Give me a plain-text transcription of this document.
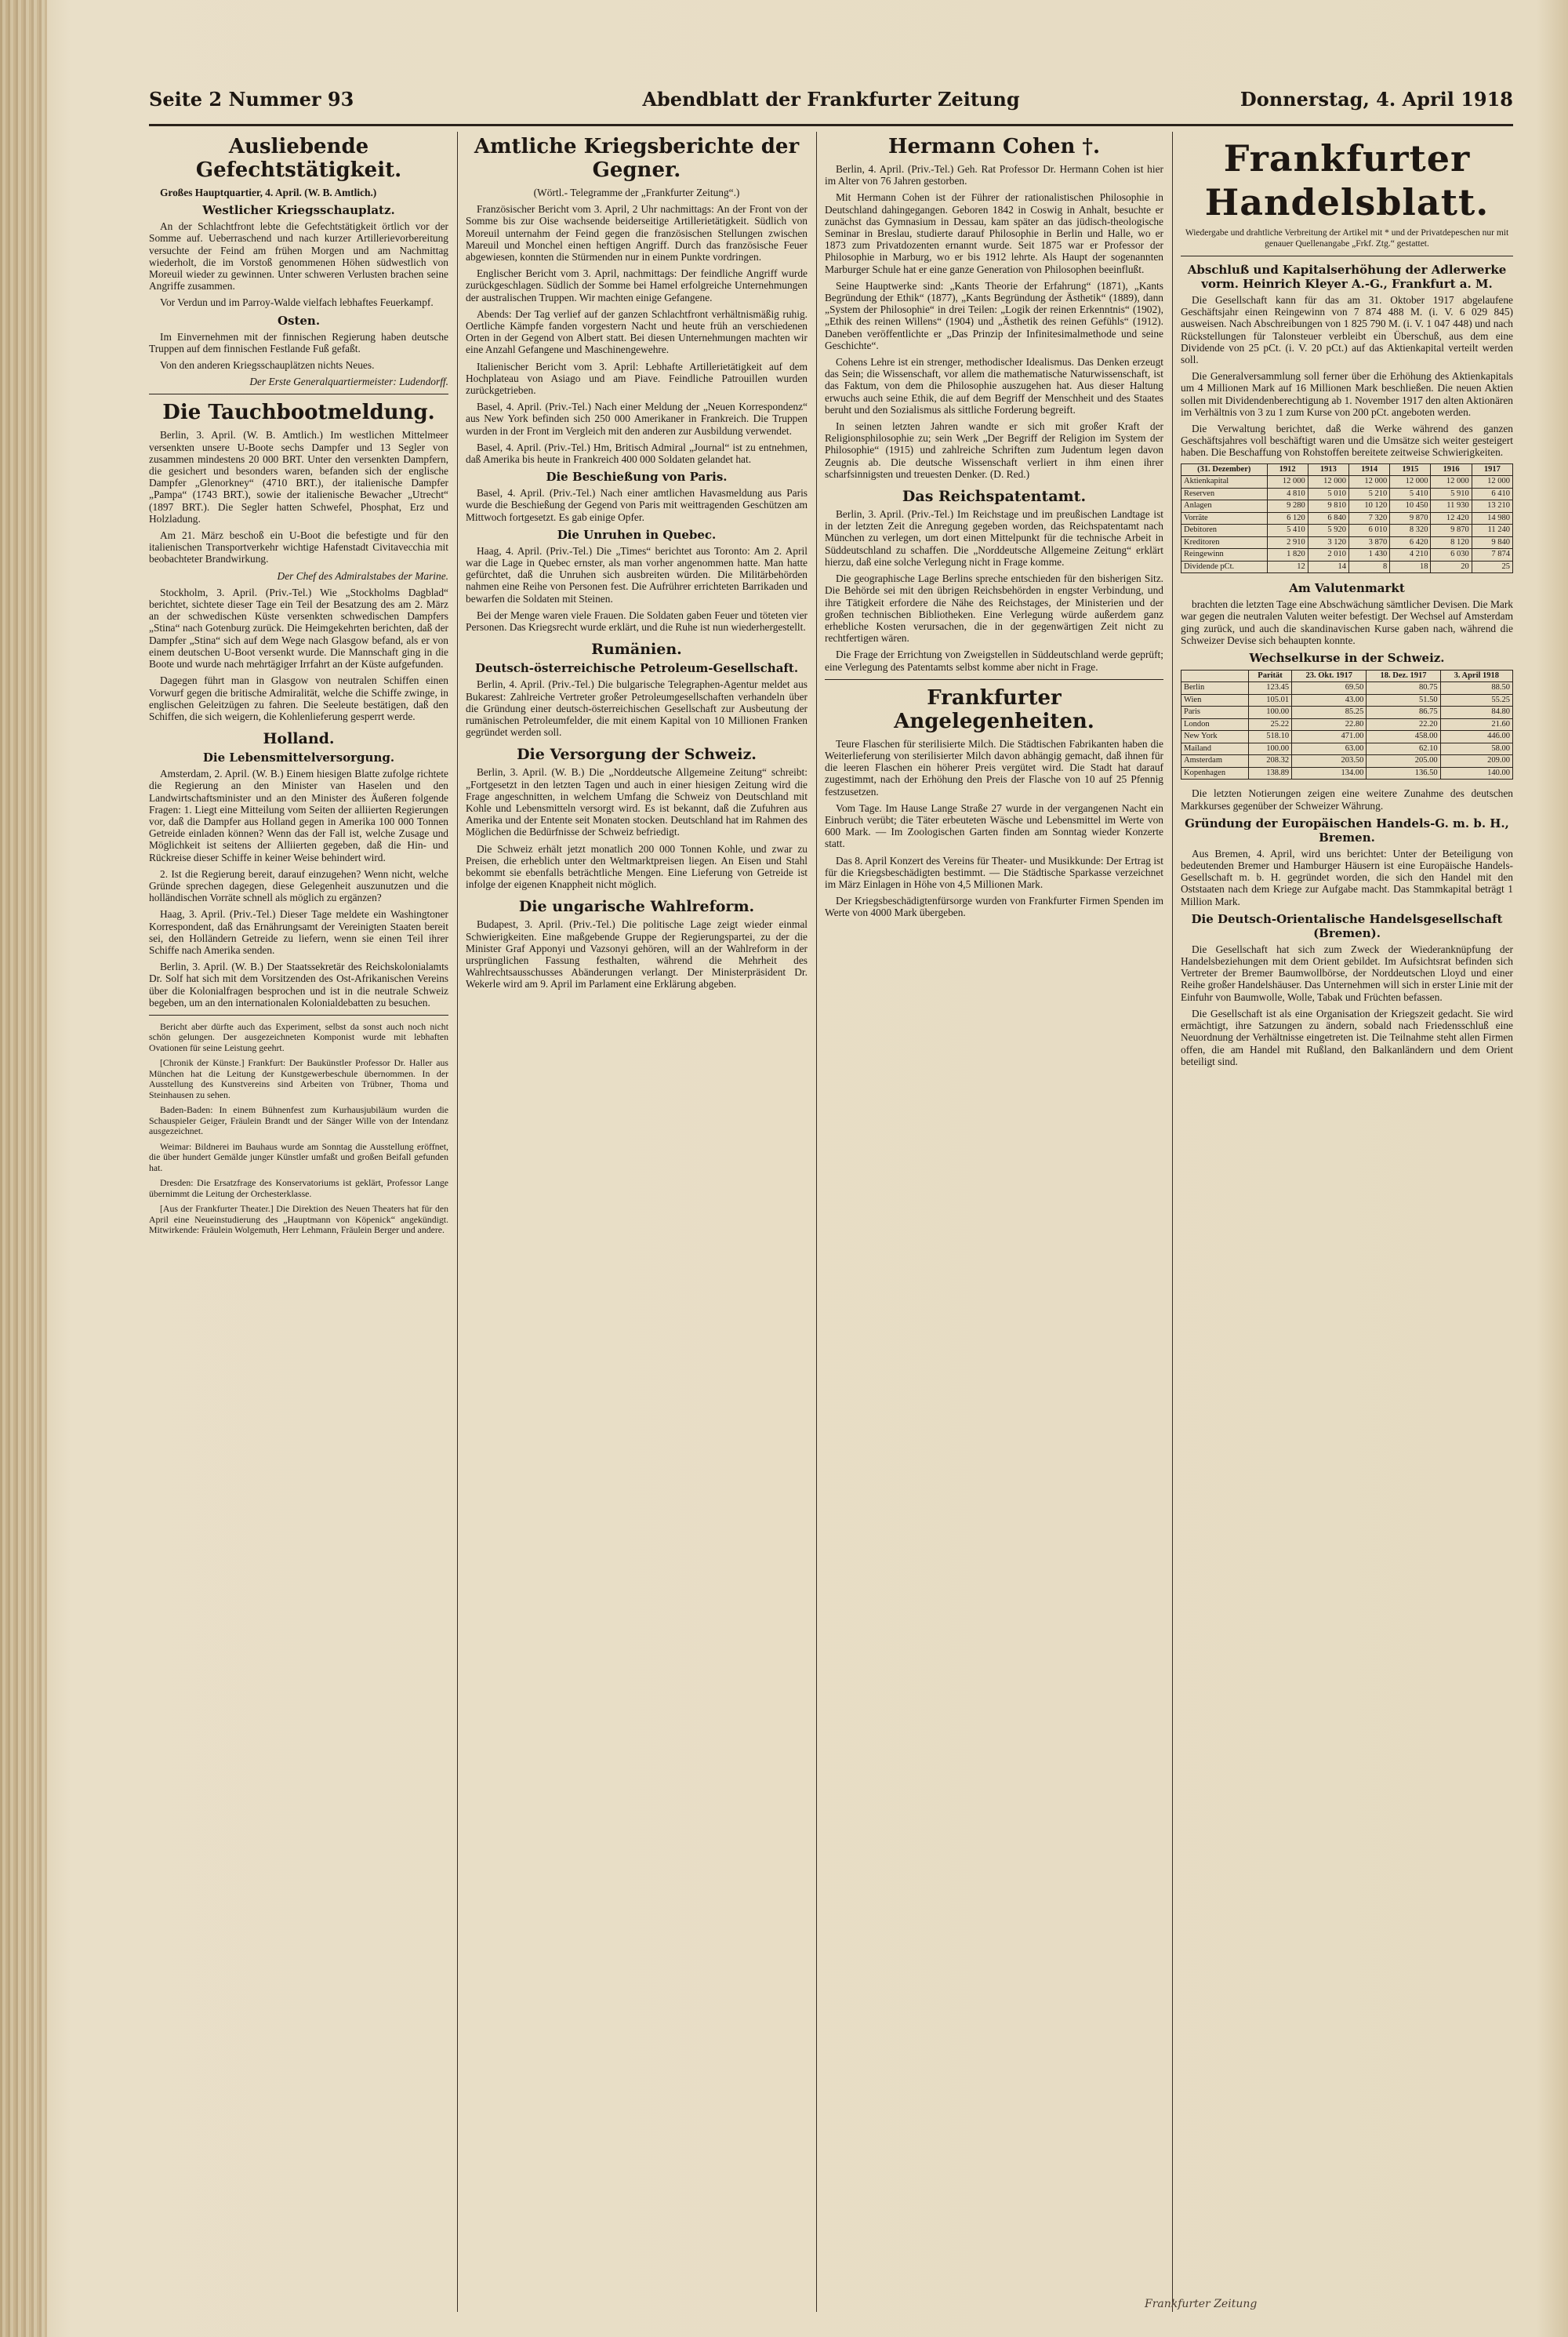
Seite 2 Nummer 93	Abendblatt der Frankfurter Zeitung	Donnerstag, 4. April 1918
Ausliebende Gefechtstätigkeit.

Großes Hauptquartier, 4. April. (W. B. Amtlich.)

Westlicher Kriegsschauplatz.

An der Schlachtfront lebte die Gefechtstätigkeit örtlich vor der Somme auf. Ueberraschend und nach kurzer Artillerievorbereitung versuchte der Feind am frühen Morgen und am Nachmittag wiederholt, die im Vorstoß genommenen Höhen südwestlich von Moreuil wieder zu gewinnen. Unter schweren Verlusten brachen seine Angriffe zusammen.

Vor Verdun und im Parroy-Walde vielfach lebhaftes Feuerkampf.

Osten.

Im Einvernehmen mit der finnischen Regierung haben deutsche Truppen auf dem finnischen Festlande Fuß gefaßt.

Von den anderen Kriegsschauplätzen nichts Neues.

Der Erste Generalquartiermeister: Ludendorff.

Die Tauchbootmeldung.

Berlin, 3. April. (W. B. Amtlich.) Im westlichen Mittelmeer versenkten unsere U-Boote sechs Dampfer und 13 Segler von zusammen mindestens 20 000 BRT. Unter den versenkten Dampfern, die gesichert und besonders waren, befanden sich der englische Dampfer „Glenorkney“ (4710 BRT.), der italienische Dampfer „Pampa“ (1743 BRT.), sowie der italienische Bewacher „Utrecht“ (1897 BRT.). Die Segler hatten Schwefel, Phosphat, Erz und Holzladung.

Am 21. März beschoß ein U-Boot die befestigte und für den italienischen Transportverkehr wichtige Hafenstadt Civitavecchia mit beobachteter Brandwirkung.

Der Chef des Admiralstabes der Marine.

Stockholm, 3. April. (Priv.-Tel.) Wie „Stockholms Dagblad“ berichtet, sichtete dieser Tage ein Teil der Besatzung des am 2. März an der schwedischen Küste versenkten schwedischen Dampfers „Stina“ nach Gotenburg zurück. Die Heimgekehrten berichten, daß der Dampfer „Stina“ sich auf dem Wege nach Glasgow befand, als er von einem deutschen U-Boot versenkt wurde. Die Mannschaft ging in die Boote und wurde nach mehrtägiger Irrfahrt an der Küste aufgefunden.

Dagegen führt man in Glasgow von neutralen Schiffen einen Vorwurf gegen die britische Admiralität, welche die Schiffe zwinge, in englischen Geleitzügen zu fahren. Die Seeleute bestätigen, daß den Schiffen, die sich weigern, die Kohlenlieferung gesperrt werde.

Holland.
Die Lebensmittelversorgung.

Amsterdam, 2. April. (W. B.) Einem hiesigen Blatte zufolge richtete die Regierung an den Minister van Haselen und den Landwirtschaftsminister und an den Minister des Äußeren folgende Fragen: 1. Liegt eine Mitteilung vom Seiten der alliierten Regierungen vor, daß die Dampfer aus Holland gegen in Amerika 100 000 Tonnen Getreide einladen können? Wenn das der Fall ist, welche Zusage und Möglichkeit ist seitens der Alliierten gegeben, daß die Hin- und Rückreise dieser Schiffe in keiner Weise behindert wird.

2. Ist die Regierung bereit, darauf einzugehen? Wenn nicht, welche Gründe sprechen dagegen, diese Gelegenheit auszunutzen und die holländischen Vorräte schnell als möglich zu ergänzen?

Haag, 3. April. (Priv.-Tel.) Dieser Tage meldete ein Washingtoner Korrespondent, daß das Ernährungsamt der Vereinigten Staaten bereit sei, den Holländern Getreide zu liefern, wenn sie einen Teil ihrer Schiffe nach Amerika senden.

Berlin, 3. April. (W. B.) Der Staatssekretär des Reichskolonialamts Dr. Solf hat sich mit dem Vorsitzenden des Ost-Afrikanischen Vereins über die Kolonialfragen besprochen und ist in die neutrale Schweiz begeben, um an den internationalen Kolonialdebatten zu besuchen.

Bericht aber dürfte auch das Experiment, selbst da sonst auch noch nicht schön gelungen. Der ausgezeichneten Komponist wurde mit lebhaften Ovationen für seine Leistung geehrt.

[Chronik der Künste.] Frankfurt: Der Baukünstler Professor Dr. Haller aus München hat die Leitung der Kunstgewerbeschule übernommen. In der Ausstellung des Kunstvereins sind Arbeiten von Trübner, Thoma und Steinhausen zu sehen.

Baden-Baden: In einem Bühnenfest zum Kurhausjubiläum wurden die Schauspieler Geiger, Fräulein Brandt und der Sänger Wille von der Intendanz ausgezeichnet.

Weimar: Bildnerei im Bauhaus wurde am Sonntag die Ausstellung eröffnet, die über hundert Gemälde junger Künstler umfaßt und großen Beifall gefunden hat.

Dresden: Die Ersatzfrage des Konservatoriums ist geklärt, Professor Lange übernimmt die Leitung der Orchesterklasse.

[Aus der Frankfurter Theater.] Die Direktion des Neuen Theaters hat für den April eine Neueinstudierung des „Hauptmann von Köpenick“ angekündigt. Mitwirkende: Fräulein Wolgemuth, Herr Lehmann, Fräulein Berger und andere.

Amtliche Kriegsberichte der Gegner.

(Wörtl.- Telegramme der „Frankfurter Zeitung“.)

Französischer Bericht vom 3. April, 2 Uhr nachmittags: An der Front von der Somme bis zur Oise wachsende beiderseitige Artillerietätigkeit. Südlich von Moreuil unternahm der Feind gegen die französischen Stellungen zwischen Mareuil und Monchel einen heftigen Angriff. Durch das französische Feuer abgewiesen, konnten die Stürmenden nur in einem Punkte vordringen.

Englischer Bericht vom 3. April, nachmittags: Der feindliche Angriff wurde zurückgeschlagen. Südlich der Somme bei Hamel erfolgreiche Unternehmungen der australischen Truppen. Wir machten einige Gefangene.

Abends: Der Tag verlief auf der ganzen Schlachtfront verhältnismäßig ruhig. Oertliche Kämpfe fanden vorgestern Nacht und heute früh an verschiedenen Orten in der Gegend von Albert statt. Bei diesen Unternehmungen machten wir eine Anzahl Gefangene und Maschinengewehre.

Italienischer Bericht vom 3. April: Lebhafte Artillerietätigkeit auf dem Hochplateau von Asiago und am Piave. Feindliche Patrouillen wurden zurückgetrieben.

Basel, 4. April. (Priv.-Tel.) Nach einer Meldung der „Neuen Korrespondenz“ aus New York befinden sich 250 000 Amerikaner in Frankreich. Die Truppen wurden in der Front im Vergleich mit den anderen zur Ausbildung verwendet.

Basel, 4. April. (Priv.-Tel.) Hm, Britisch Admiral „Journal“ ist zu entnehmen, daß Amerika bis heute in Frankreich 400 000 Soldaten gelandet hat.

Die Beschießung von Paris.

Basel, 4. April. (Priv.-Tel.) Nach einer amtlichen Havasmeldung aus Paris wurde die Beschießung der Gegend von Paris mit weittragenden Geschützen am Mittwoch fortgesetzt. Es gab einige Opfer.

Die Unruhen in Quebec.

Haag, 4. April. (Priv.-Tel.) Die „Times“ berichtet aus Toronto: Am 2. April war die Lage in Quebec ernster, als man vorher angenommen hatte. Man hatte gefürchtet, daß die Unruhen sich ausbreiten würden. Die Militärbehörden nahmen eine Reihe von Personen fest. Die Aufrührer errichteten Barrikaden und bewarfen die Soldaten mit Steinen.

Bei der Menge waren viele Frauen. Die Soldaten gaben Feuer und töteten vier Personen. Das Kriegsrecht wurde erklärt, und die Ruhe ist nun wiederhergestellt.

Rumänien.
Deutsch-österreichische Petroleum-Gesellschaft.

Berlin, 4. April. (Priv.-Tel.) Die bulgarische Telegraphen-Agentur meldet aus Bukarest: Zahlreiche Vertreter großer Petroleumgesellschaften verhandeln über die Gründung einer deutsch-österreichischen Gesellschaft zur Ausbeutung der rumänischen Petroleumfelder, die mit einem Kapital von 10 Millionen Franken gegründet werden soll.

Die Versorgung der Schweiz.

Berlin, 3. April. (W. B.) Die „Norddeutsche Allgemeine Zeitung“ schreibt: „Fortgesetzt in den letzten Tagen und auch in einer hiesigen Zeitung wird die Frage angeschnitten, in welchem Umfang die Schweiz von Deutschland mit Kohle und Lebensmitteln versorgt wird. Es ist bekannt, daß die Zufuhren aus Amerika und der Entente seit Monaten stocken. Deutschland hat im Rahmen des Möglichen die Bedürfnisse der Schweiz befriedigt.

Die Schweiz erhält jetzt monatlich 200 000 Tonnen Kohle, und zwar zu Preisen, die erheblich unter den Weltmarktpreisen liegen. An Eisen und Stahl bekommt sie ebenfalls beträchtliche Mengen. Eine Lieferung von Getreide ist infolge der eigenen Knappheit nicht möglich.

Die ungarische Wahlreform.

Budapest, 3. April. (Priv.-Tel.) Die politische Lage zeigt wieder einmal Schwierigkeiten. Eine maßgebende Gruppe der Regierungspartei, zu der die Minister Graf Apponyi und Vazsonyi gehören, will an der Wahlreform in der ursprünglichen Fassung festhalten, während die Mehrheit des Wahlrechtsausschusses Abänderungen verlangt. Der Ministerpräsident Dr. Wekerle wird am 9. April im Parlament eine Erklärung abgeben.

Hermann Cohen †.

Berlin, 4. April. (Priv.-Tel.) Geh. Rat Professor Dr. Hermann Cohen ist hier im Alter von 76 Jahren gestorben.

Mit Hermann Cohen ist der Führer der rationalistischen Philosophie in Deutschland dahingegangen. Geboren 1842 in Coswig in Anhalt, besuchte er zunächst das Gymnasium in Dessau, kam später an das jüdisch-theologische Seminar in Breslau, studierte darauf Philosophie in Berlin und Halle, wo er 1873 zum Privatdozenten ernannt wurde. Seit 1875 war er Professor der Philosophie in Marburg, wo er bis 1912 lehrte. Als Haupt der sogenannten Marburger Schule hat er eine ganze Generation von Philosophen beeinflußt.

Seine Hauptwerke sind: „Kants Theorie der Erfahrung“ (1871), „Kants Begründung der Ethik“ (1877), „Kants Begründung der Ästhetik“ (1889), dann „System der Philosophie“ in drei Teilen: „Logik der reinen Erkenntnis“ (1902), „Ethik des reinen Willens“ (1904) und „Ästhetik des reinen Gefühls“ (1912). Daneben veröffentlichte er „Das Prinzip der Infinitesimalmethode und seine Geschichte“.

Cohens Lehre ist ein strenger, methodischer Idealismus. Das Denken erzeugt das Sein; die Wissenschaft, vor allem die mathematische Naturwissenschaft, ist das Faktum, von dem die Philosophie auszugehen hat. Aus dieser Haltung erwuchs auch seine Ethik, die auf dem Begriff der Menschheit und des Staates beruht und den Sozialismus als sittliche Forderung begreift.

In seinen letzten Jahren wandte er sich mit großer Kraft der Religionsphilosophie zu; sein Werk „Der Begriff der Religion im System der Philosophie“ (1915) und zahlreiche Schriften zum Judentum legen davon Zeugnis ab. Die deutsche Wissenschaft verliert in ihm einen ihrer scharfsinnigsten und treuesten Denker. (D. Red.)

Das Reichspatentamt.

Berlin, 3. April. (Priv.-Tel.) Im Reichstage und im preußischen Landtage ist in der letzten Zeit die Anregung gegeben worden, das Reichspatentamt nach München zu verlegen, um dort einen Mittelpunkt für die technische Arbeit in Süddeutschland zu schaffen. Die „Norddeutsche Allgemeine Zeitung“ erklärt hierzu, daß eine solche Verlegung nicht in Frage komme.

Die geographische Lage Berlins spreche entschieden für den bisherigen Sitz. Die Behörde sei mit den übrigen Reichsbehörden in engster Verbindung, und ihre Tätigkeit erfordere die Nähe des Reichstages, der Ministerien und der großen technischen Bibliotheken. Eine Verlegung würde außerdem ganz erhebliche Kosten verursachen, die in der gegenwärtigen Zeit nicht zu rechtfertigen wären.

Die Frage der Errichtung von Zweigstellen in Süddeutschland werde geprüft; eine Verlegung des Patentamts selbst komme aber nicht in Frage.

Frankfurter Angelegenheiten.

Teure Flaschen für sterilisierte Milch. Die Städtischen Fabrikanten haben die Weiterlieferung von sterilisierter Milch davon abhängig gemacht, daß ihnen für die leeren Flaschen ein höherer Preis vergütet wird. Die Stadt hat darauf zugestimmt, nach der Erhöhung den Preis der Flasche von 10 auf 25 Pfennig festzusetzen.

Vom Tage. Im Hause Lange Straße 27 wurde in der vergangenen Nacht ein Einbruch verübt; die Täter erbeuteten Wäsche und Lebensmittel im Werte von 600 Mark. — Im Zoologischen Garten finden am Sonntag wieder Konzerte statt.

Das 8. April Konzert des Vereins für Theater- und Musikkunde: Der Ertrag ist für die Kriegsbeschädigten bestimmt. — Die Städtische Sparkasse verzeichnet im März Einlagen in Höhe von 4,5 Millionen Mark.

Der Kriegsbeschädigtenfürsorge wurden von Frankfurter Firmen Spenden im Werte von 4000 Mark übergeben.

Frankfurter Handelsblatt.
Wiedergabe und drahtliche Verbreitung der Artikel mit * und der Privatdepeschen nur mit genauer Quellenangabe „Frkf. Ztg.“ gestattet.
Abschluß und Kapitalserhöhung der Adlerwerke vorm. Heinrich Kleyer A.-G., Frankfurt a. M.

Die Gesellschaft kann für das am 31. Oktober 1917 abgelaufene Geschäftsjahr einen Reingewinn von 7 874 488 M. (i. V. 6 029 845) ausweisen. Nach Abschreibungen von 1 825 790 M. (i. V. 1 047 448) und nach Rückstellungen für Talonsteuer verbleibt ein Überschuß, aus dem eine Dividende von 25 pCt. (i. V. 20 pCt.) auf das Aktienkapital verteilt werden soll.

Die Generalversammlung soll ferner über die Erhöhung des Aktienkapitals um 4 Millionen Mark auf 16 Millionen Mark beschließen. Die neuen Aktien sollen mit Dividendenberechtigung ab 1. November 1917 den alten Aktionären im Verhältnis von 3 zu 1 zum Kurse von 200 pCt. angeboten werden.

Die Verwaltung berichtet, daß die Werke während des ganzen Geschäftsjahres voll beschäftigt waren und die Umsätze sich weiter gesteigert haben. Die Beschaffung von Rohstoffen bereitete zeitweise Schwierigkeiten.

(31. Dezember)	1912	1913	1914	1915	1916	1917
Aktienkapital	12 000	12 000	12 000	12 000	12 000	12 000
Reserven	4 810	5 010	5 210	5 410	5 910	6 410
Anlagen	9 280	9 810	10 120	10 450	11 930	13 210
Vorräte	6 120	6 840	7 320	9 870	12 420	14 980
Debitoren	5 410	5 920	6 010	8 320	9 870	11 240
Kreditoren	2 910	3 120	3 870	6 420	8 120	9 840
Reingewinn	1 820	2 010	1 430	4 210	6 030	7 874
Dividende pCt.	12	14	8	18	20	25
Am Valutenmarkt

brachten die letzten Tage eine Abschwächung sämtlicher Devisen. Die Mark war gegen die neutralen Valuten weiter befestigt. Der Wechsel auf Amsterdam ging zurück, und auch die skandinavischen Kurse gaben nach, während die Schweizer Devise sich behaupten konnte.

Wechselkurse in der Schweiz.
	Parität	23. Okt. 1917	18. Dez. 1917	3. April 1918
Berlin	123.45	69.50	80.75	88.50
Wien	105.01	43.00	51.50	55.25
Paris	100.00	85.25	86.75	84.80
London	25.22	22.80	22.20	21.60
New York	518.10	471.00	458.00	446.00
Mailand	100.00	63.00	62.10	58.00
Amsterdam	208.32	203.50	205.00	209.00
Kopenhagen	138.89	134.00	136.50	140.00

Die letzten Notierungen zeigen eine weitere Zunahme des deutschen Markkurses gegenüber der Schweizer Währung.

Gründung der Europäischen Handels-G. m. b. H., Bremen.

Aus Bremen, 4. April, wird uns berichtet: Unter der Beteiligung von bedeutenden Bremer und Hamburger Häusern ist eine Europäische Handels-Gesellschaft m. b. H. gegründet worden, die sich den Handel mit den Oststaaten nach dem Kriege zur Aufgabe macht. Das Stammkapital beträgt 1 Million Mark.

Die Deutsch-Orientalische Handelsgesellschaft (Bremen).

Die Gesellschaft hat sich zum Zweck der Wiederanknüpfung der Handelsbeziehungen mit dem Orient gebildet. Im Aufsichtsrat befinden sich Vertreter der Bremer Baumwollbörse, der Norddeutschen Lloyd und einer Reihe großer Handelshäuser. Das Unternehmen will sich in erster Linie mit der Einfuhr von Baumwolle, Wolle, Tabak und Früchten befassen.

Die Gesellschaft ist als eine Organisation der Kriegszeit gedacht. Sie wird ermächtigt, ihre Satzungen zu ändern, sobald nach Friedensschluß eine Neuordnung der Verhältnisse eingetreten ist. Die Teilnahme steht allen Firmen offen, die am Handel mit Rußland, den Balkanländern und dem Orient beteiligt sind.

Frankfurter Zeitung
